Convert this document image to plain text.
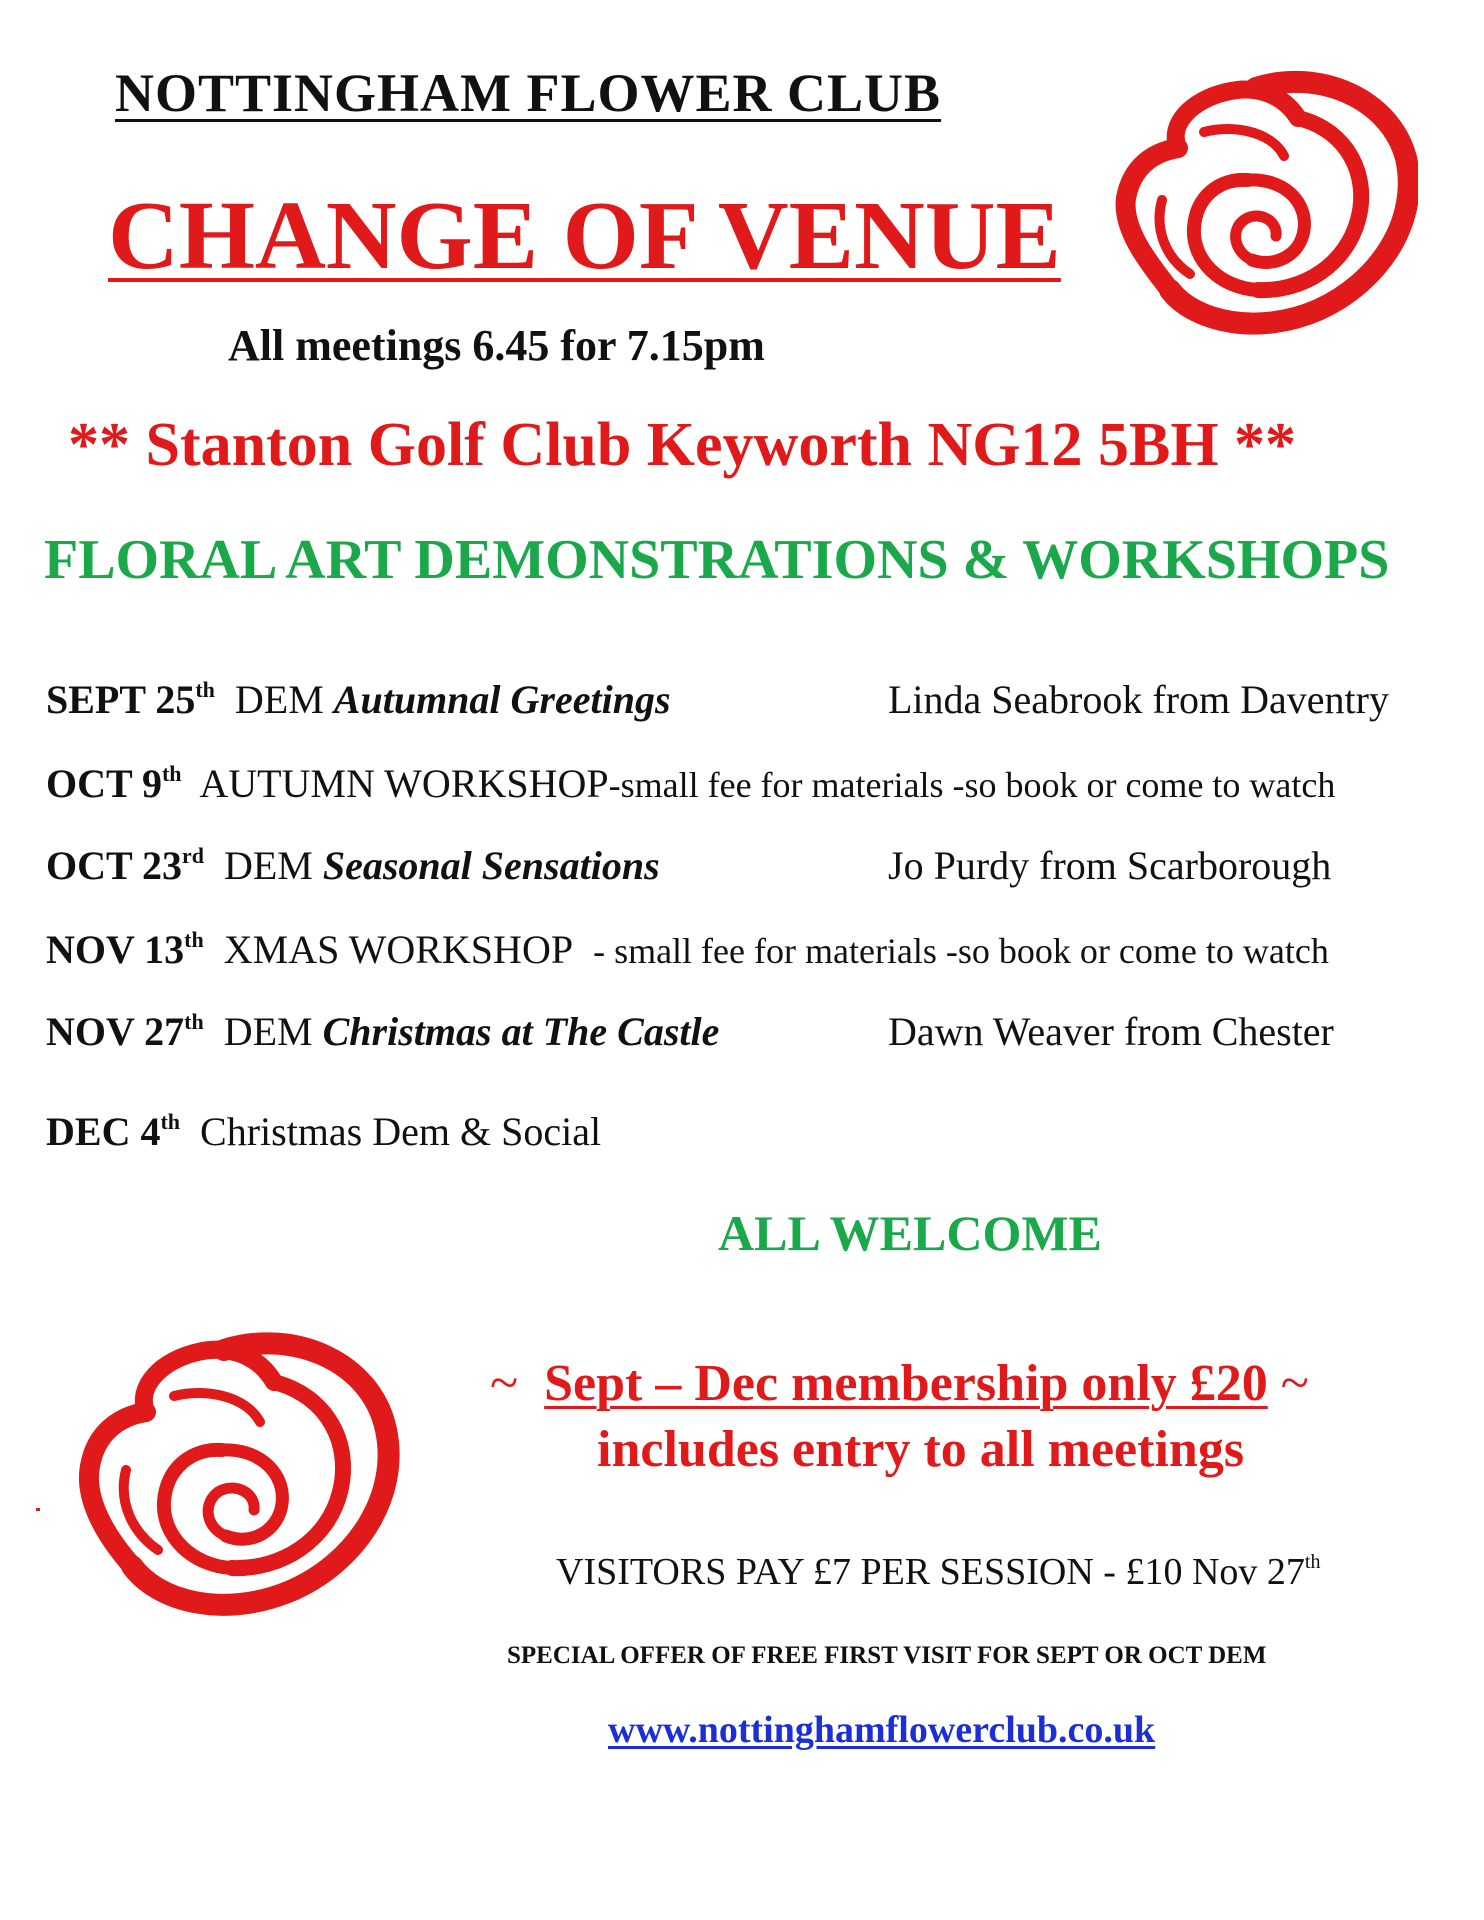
NOTTINGHAM FLOWER CLUB
CHANGE OF VENUE
All meetings 6.45 for 7.15pm
** Stanton Golf Club Keyworth NG12 5BH **
FLORAL ART DEMONSTRATIONS & WORKSHOPS
SEPT 25th DEM Autumnal Greetings	Linda Seabrook from Daventry
OCT 9th AUTUMN WORKSHOP-small fee for materials -so book or come to watch
OCT 23rd DEM Seasonal Sensations	Jo Purdy from Scarborough
NOV 13th XMAS WORKSHOP - small fee for materials -so book or come to watch
NOV 27th DEM Christmas at The Castle	Dawn Weaver from Chester
DEC 4th Christmas Dem & Social
ALL WELCOME
~ Sept – Dec membership only £20 ~
includes entry to all meetings
VISITORS PAY £7 PER SESSION - £10 Nov 27th
SPECIAL OFFER OF FREE FIRST VISIT FOR SEPT OR OCT DEM
www.nottinghamflowerclub.co.uk
